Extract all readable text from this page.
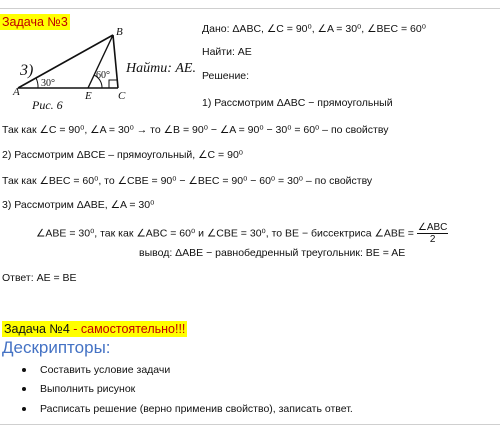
Задача №3
3)
30°
60°
A
B
C
E
Рис. 6
Найти: AE.
Дано: ΔABC, ∠C = 90⁰, ∠A = 30⁰, ∠BEC = 60⁰
Найти: AE
Решение:
1) Рассмотрим ΔABC − прямоугольный
Так как ∠C = 90⁰, ∠A = 30⁰ → то ∠B = 90⁰ − ∠A = 90⁰ − 30⁰ = 60⁰ – по свойству
2) Рассмотрим ΔBCE – прямоугольный, ∠C = 90⁰
Так как ∠BEC = 60⁰, то ∠CBE = 90⁰ − ∠BEC = 90⁰ − 60⁰ = 30⁰ – по свойству
3) Рассмотрим ΔABE, ∠A = 30⁰
∠ABE = 30⁰, так как ∠ABC = 60⁰ и ∠CBE = 30⁰, то BE − биссектриса ∠ABE = $\frac{\text{∠ABC}}{2}$
вывод: ΔABE − равнобедренный треугольник: BE = AE
Ответ: AE = BE
Задача №4 - самостоятельно!!!
Дескрипторы:
Составить условие задачи
Выполнить рисунок
Расписать решение (верно применив свойство), записать ответ.
